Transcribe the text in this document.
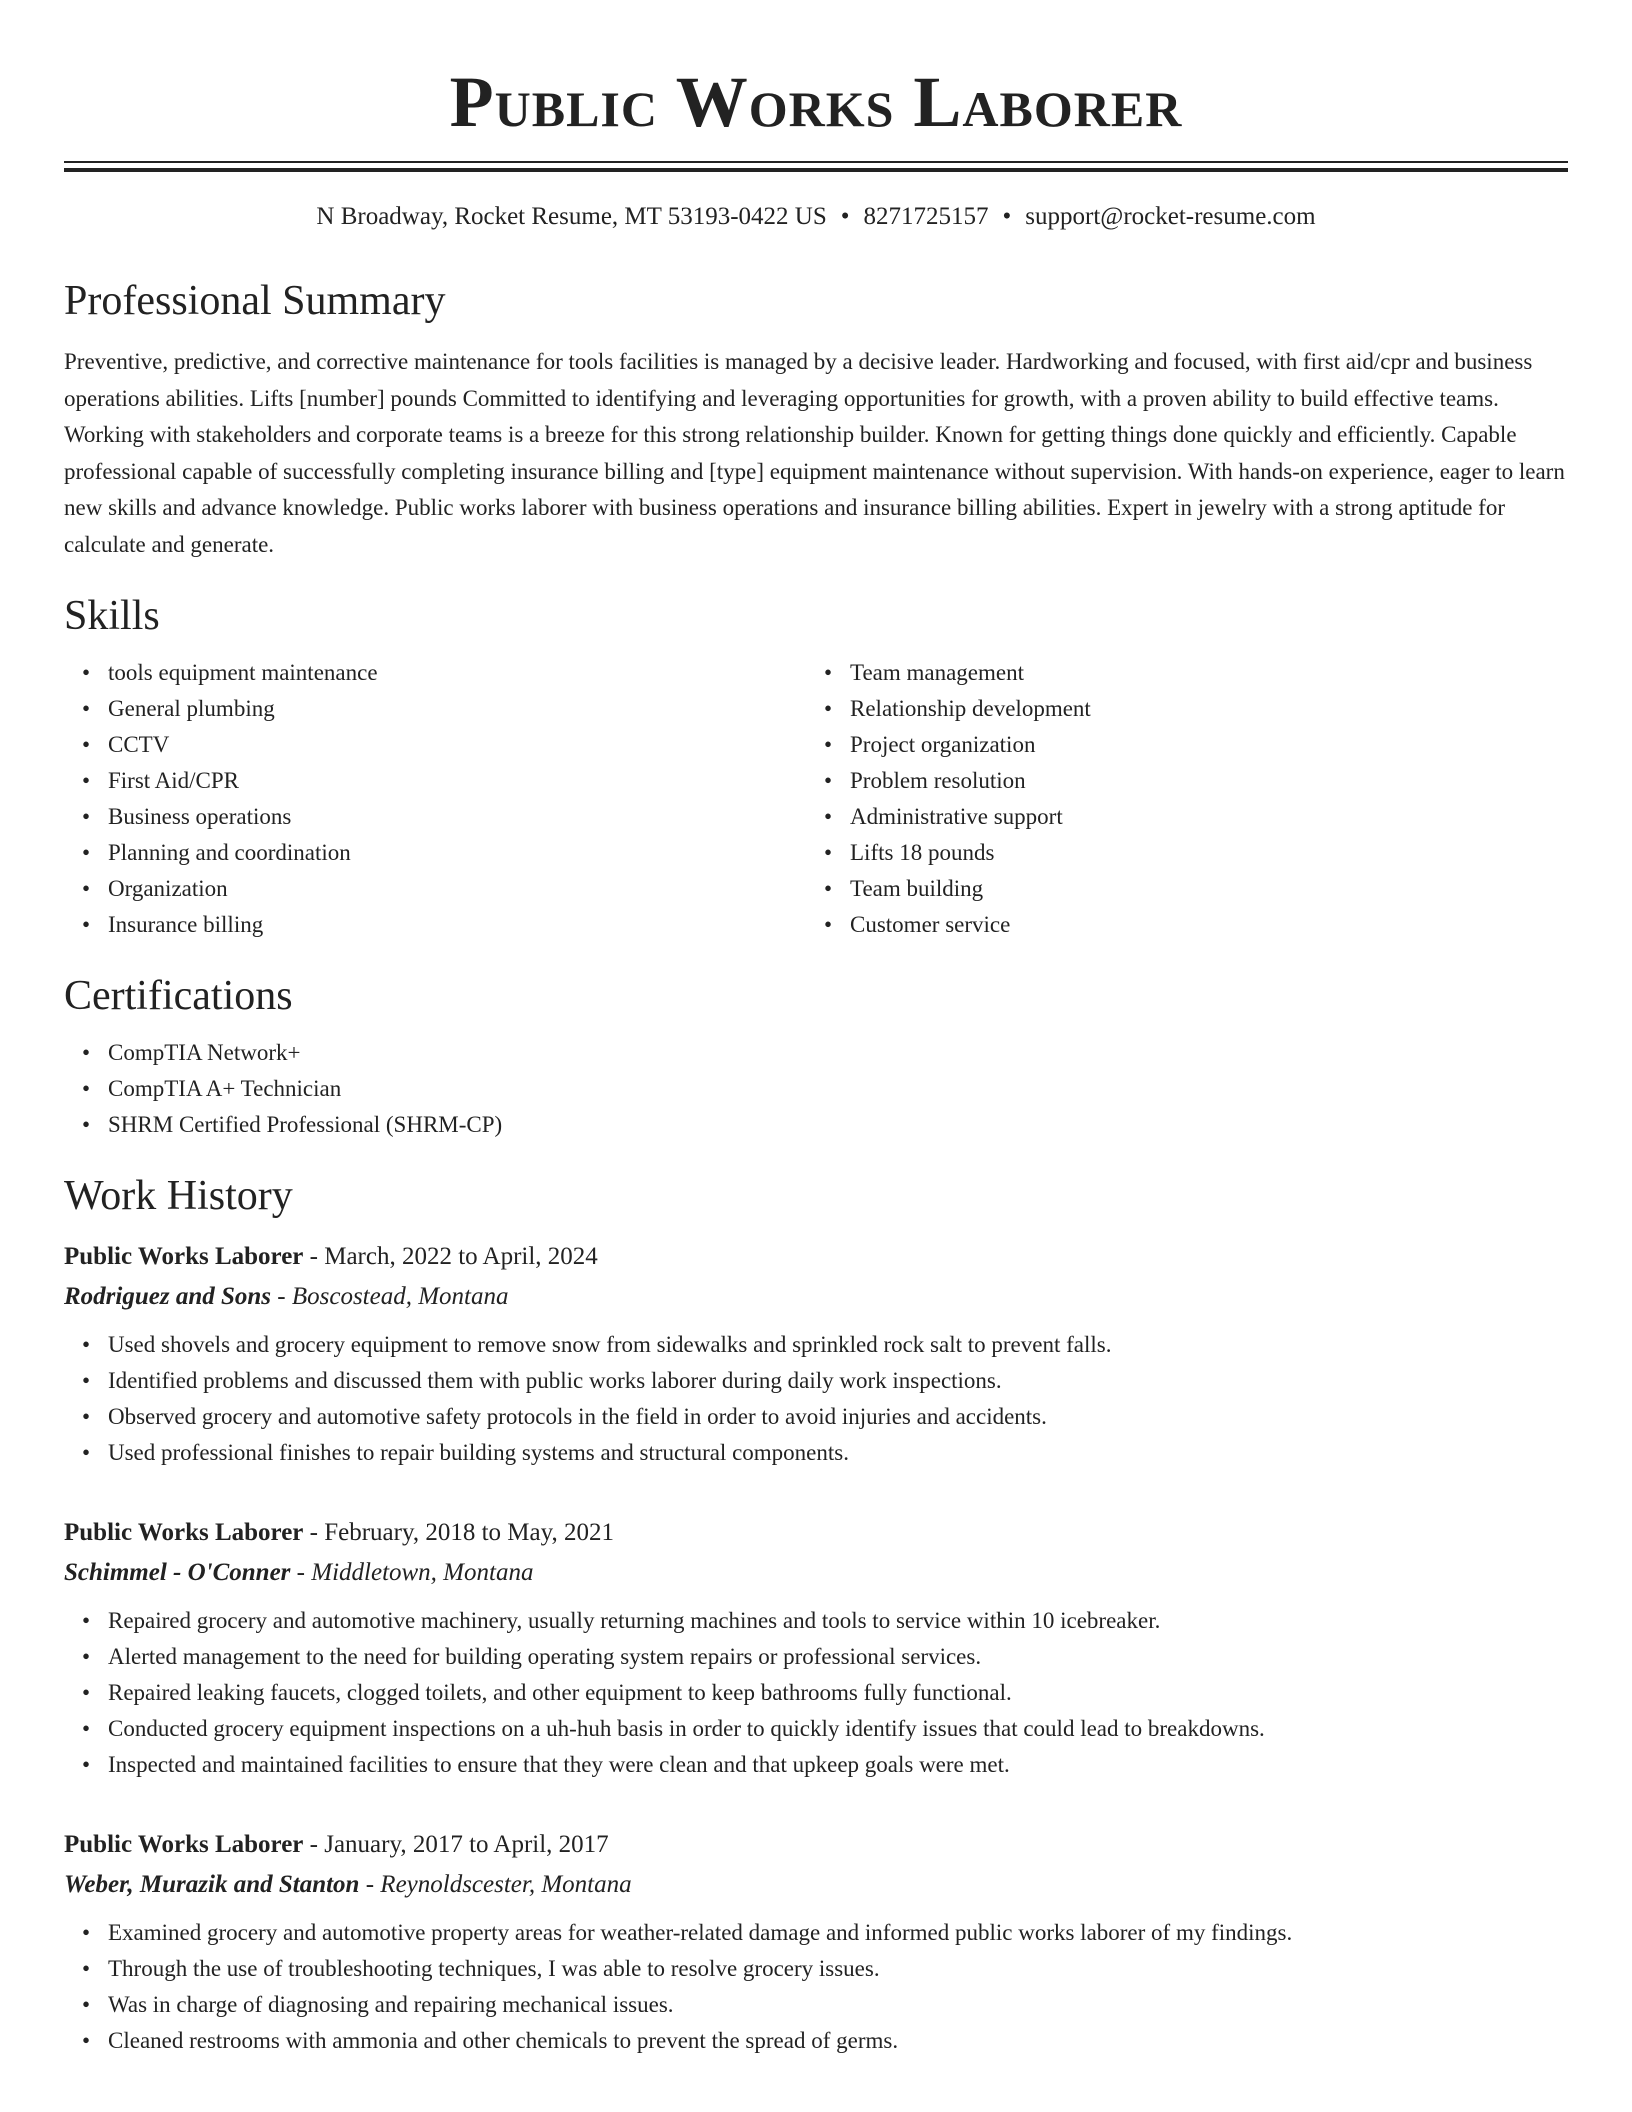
Public Works Laborer
N Broadway, Rocket Resume, MT 53193-0422 US • 8271725157 • support@rocket-resume.com
Professional Summary

Preventive, predictive, and corrective maintenance for tools facilities is managed by a decisive leader. Hardworking and focused, with first aid/cpr and business operations abilities. Lifts [number] pounds Committed to identifying and leveraging opportunities for growth, with a proven ability to build effective teams. Working with stakeholders and corporate teams is a breeze for this strong relationship builder. Known for getting things done quickly and efficiently. Capable professional capable of successfully completing insurance billing and [type] equipment maintenance without supervision. With hands-on experience, eager to learn new skills and advance knowledge. Public works laborer with business operations and insurance billing abilities. Expert in jewelry with a strong aptitude for calculate and generate.

Skills
• tools equipment maintenance
• General plumbing
• CCTV
• First Aid/CPR
• Business operations
• Planning and coordination
• Organization
• Insurance billing
• Team management
• Relationship development
• Project organization
• Problem resolution
• Administrative support
• Lifts 18 pounds
• Team building
• Customer service
Certifications
• CompTIA Network+
• CompTIA A+ Technician
• SHRM Certified Professional (SHRM-CP)
Work History
Public Works Laborer - March, 2022 to April, 2024
Rodriguez and Sons - Boscostead, Montana
• Used shovels and grocery equipment to remove snow from sidewalks and sprinkled rock salt to prevent falls.
• Identified problems and discussed them with public works laborer during daily work inspections.
• Observed grocery and automotive safety protocols in the field in order to avoid injuries and accidents.
• Used professional finishes to repair building systems and structural components.
Public Works Laborer - February, 2018 to May, 2021
Schimmel - O'Conner - Middletown, Montana
• Repaired grocery and automotive machinery, usually returning machines and tools to service within 10 icebreaker.
• Alerted management to the need for building operating system repairs or professional services.
• Repaired leaking faucets, clogged toilets, and other equipment to keep bathrooms fully functional.
• Conducted grocery equipment inspections on a uh-huh basis in order to quickly identify issues that could lead to breakdowns.
• Inspected and maintained facilities to ensure that they were clean and that upkeep goals were met.
Public Works Laborer - January, 2017 to April, 2017
Weber, Murazik and Stanton - Reynoldscester, Montana
• Examined grocery and automotive property areas for weather-related damage and informed public works laborer of my findings.
• Through the use of troubleshooting techniques, I was able to resolve grocery issues.
• Was in charge of diagnosing and repairing mechanical issues.
• Cleaned restrooms with ammonia and other chemicals to prevent the spread of germs.
